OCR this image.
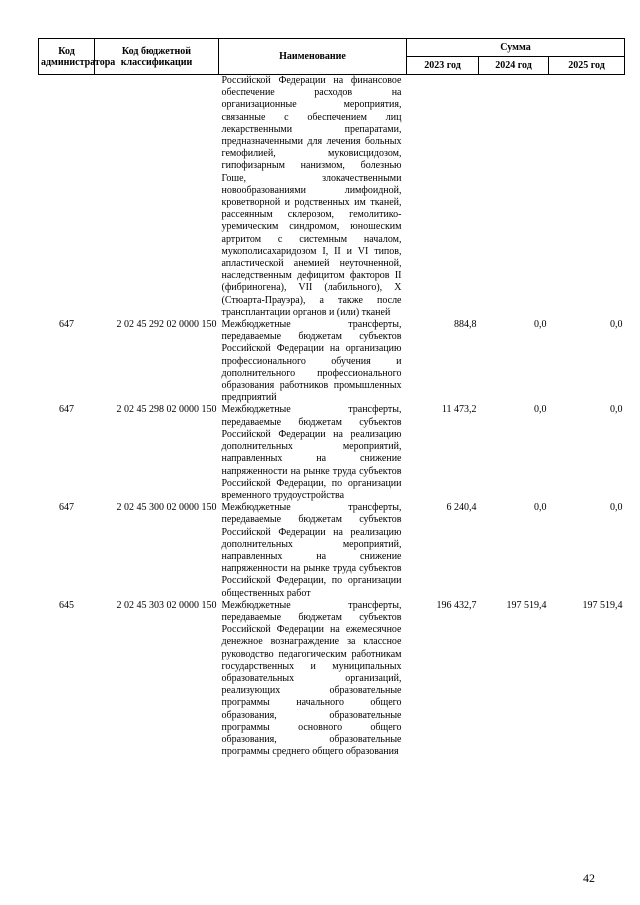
Код администратора	Код бюджетной классификации	Наименование	Сумма		
			2023 год	2024 год	2025 год
		Российской Федерации на финансовое обеспечение расходов на организационные мероприятия, связанные с обеспечением лиц лекарственными препаратами, предназначенными для лечения больных гемофилией, муковисцидозом, гипофизарным нанизмом, болезнью Гоше, злокачественными новообразованиями лимфоидной, кроветворной и родственных им тканей, рассеянным склерозом, гемолитико-уремическим синдромом, юношеским артритом с системным началом, мукополисахаридозом I, II и VI типов, апластической анемией неуточненной, наследственным дефицитом факторов II (фибриногена), VII (лабильного), X (Стюарта-Прауэра), а также после трансплантации органов и (или) тканей			
647	2 02 45 292 02 0000 150	Межбюджетные трансферты, передаваемые бюджетам субъектов Российской Федерации на организацию профессионального обучения и дополнительного профессионального образования работников промышленных предприятий	884,8	0,0	0,0
647	2 02 45 298 02 0000 150	Межбюджетные трансферты, передаваемые бюджетам субъектов Российской Федерации на реализацию дополнительных мероприятий, направленных на снижение напряженности на рынке труда субъектов Российской Федерации, по организации временного трудоустройства	11 473,2	0,0	0,0
647	2 02 45 300 02 0000 150	Межбюджетные трансферты, передаваемые бюджетам субъектов Российской Федерации на реализацию дополнительных мероприятий, направленных на снижение напряженности на рынке труда субъектов Российской Федерации, по организации общественных работ	6 240,4	0,0	0,0
645	2 02 45 303 02 0000 150	Межбюджетные трансферты, передаваемые бюджетам субъектов Российской Федерации на ежемесячное денежное вознаграждение за классное руководство педагогическим работникам государственных и муниципальных образовательных организаций, реализующих образовательные программы начального общего образования, образовательные программы основного общего образования, образовательные программы среднего общего образования	196 432,7	197 519,4	197 519,4
42
